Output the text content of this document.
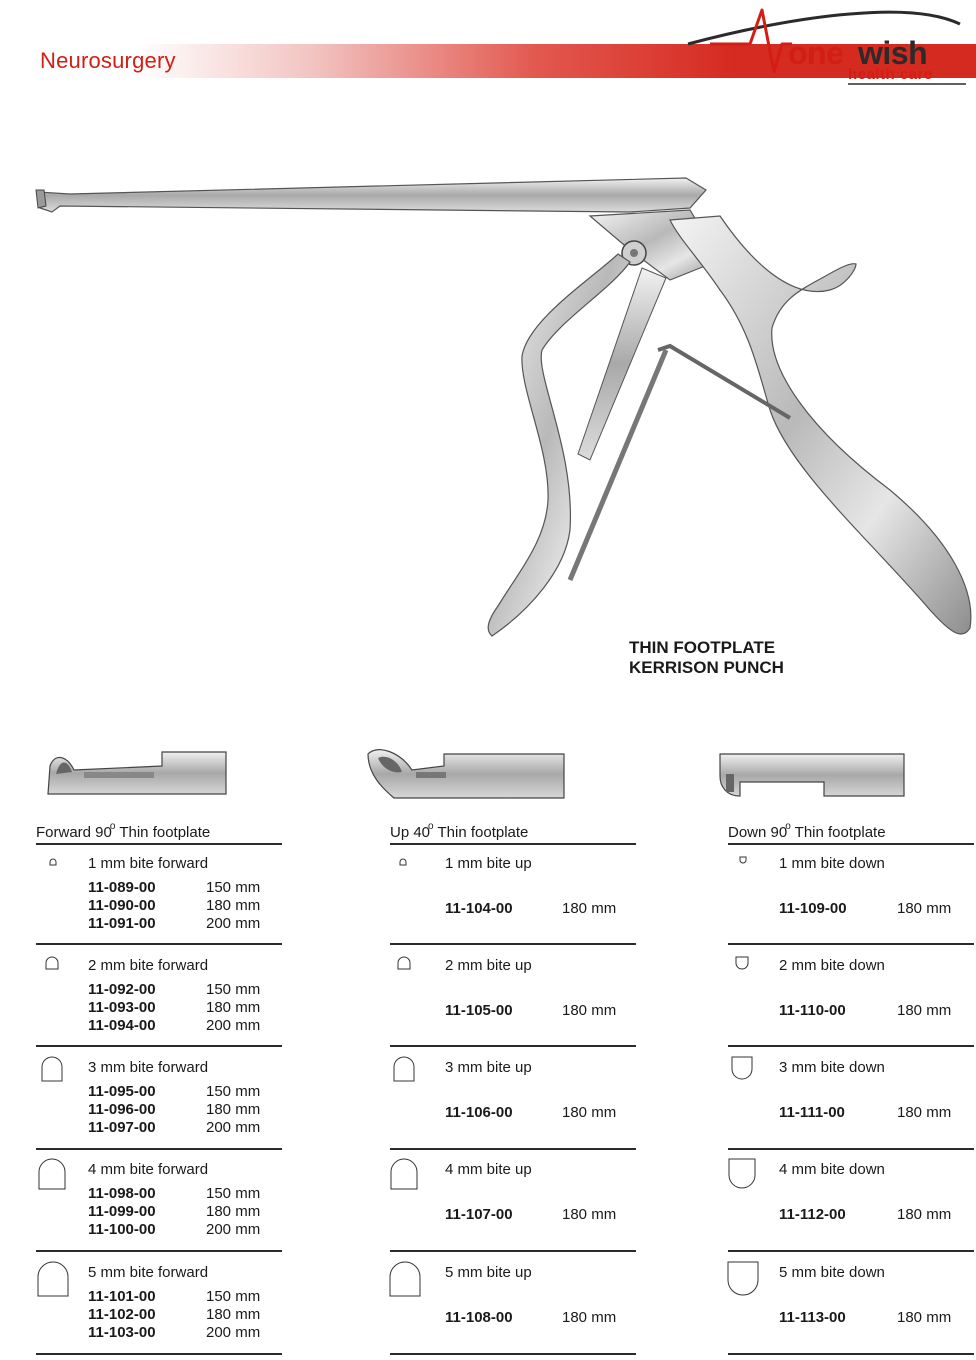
Neurosurgery	one wish
health care
THIN FOOTPLATE
KERRISON PUNCH
Forward 90$^o$ Thin footplate	Up 40$^o$ Thin footplate	Down 90$^o$ Thin footplate
1 mm bite forward
11-089-00	150 mm
11-090-00	180 mm
11-091-00	200 mm
2 mm bite forward
11-092-00	150 mm
11-093-00	180 mm
11-094-00	200 mm
3 mm bite forward
11-095-00	150 mm
11-096-00	180 mm
11-097-00	200 mm
4 mm bite forward
11-098-00	150 mm
11-099-00	180 mm
11-100-00	200 mm
5 mm bite forward
11-101-00	150 mm
11-102-00	180 mm
11-103-00	200 mm
1 mm bite up
11-104-00	180 mm
2 mm bite up
11-105-00	180 mm
3 mm bite up
11-106-00	180 mm
4 mm bite up
11-107-00	180 mm
5 mm bite up
11-108-00	180 mm
1 mm bite down
11-109-00	180 mm
2 mm bite down
11-110-00	180 mm
3 mm bite down
11-111-00	180 mm
4 mm bite down
11-112-00	180 mm
5 mm bite down
11-113-00	180 mm
